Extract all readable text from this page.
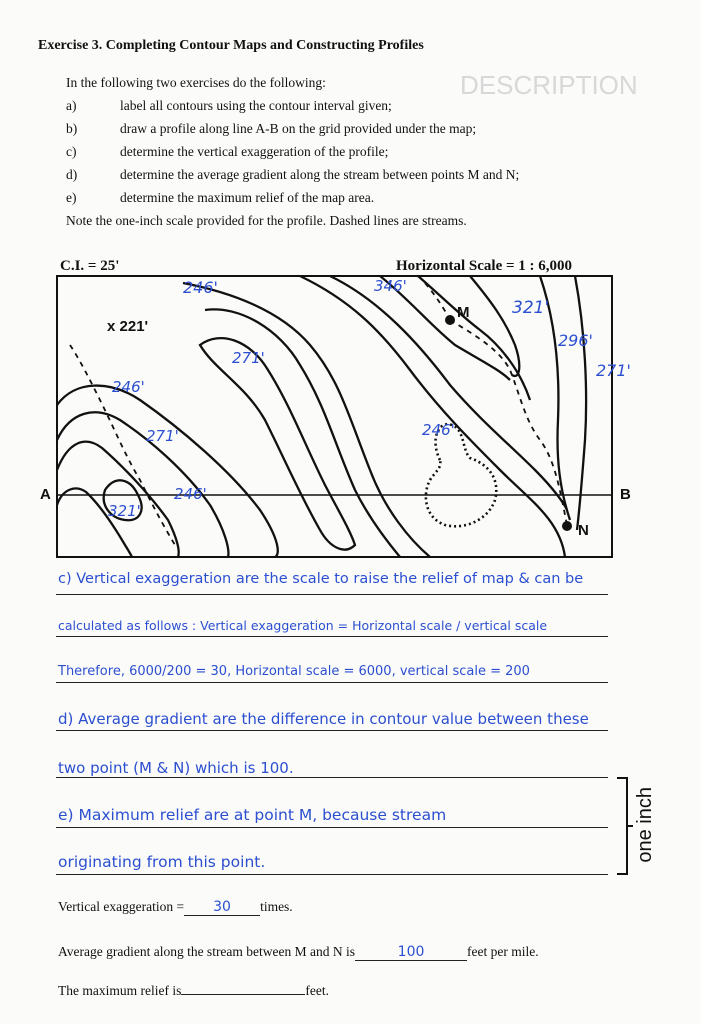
DESCRIPTION
Exercise 3. Completing Contour Maps and Constructing Profiles
In the following two exercises do the following:
a)	label all contours using the contour interval given;
b)	draw a profile along line A-B on the grid provided under the map;
c)	determine the vertical exaggeration of the profile;
d)	determine the average gradient along the stream between points M and N;
e)	determine the maximum relief of the map area.
Note the one-inch scale provided for the profile. Dashed lines are streams.
C.I. = 25'	Horizontal Scale = 1 : 6,000
x 221'
M
N
A	B
246'	346'
321'
296'
271'
271'
246'
271'	246'
246'
321'
c) Vertical exaggeration are the scale to raise the relief of map & can be
calculated as follows : Vertical exaggeration = Horizontal scale / vertical scale
Therefore, 6000/200 = 30, Horizontal scale = 6000, vertical scale = 200
d) Average gradient are the difference in contour value between these
two point (M & N) which is 100.
e) Maximum relief are at point M, because stream
originating from this point.	one inch
Vertical exaggeration = 30 times.
Average gradient along the stream between M and N is	100	feet per mile.
The maximum relief is	feet.
